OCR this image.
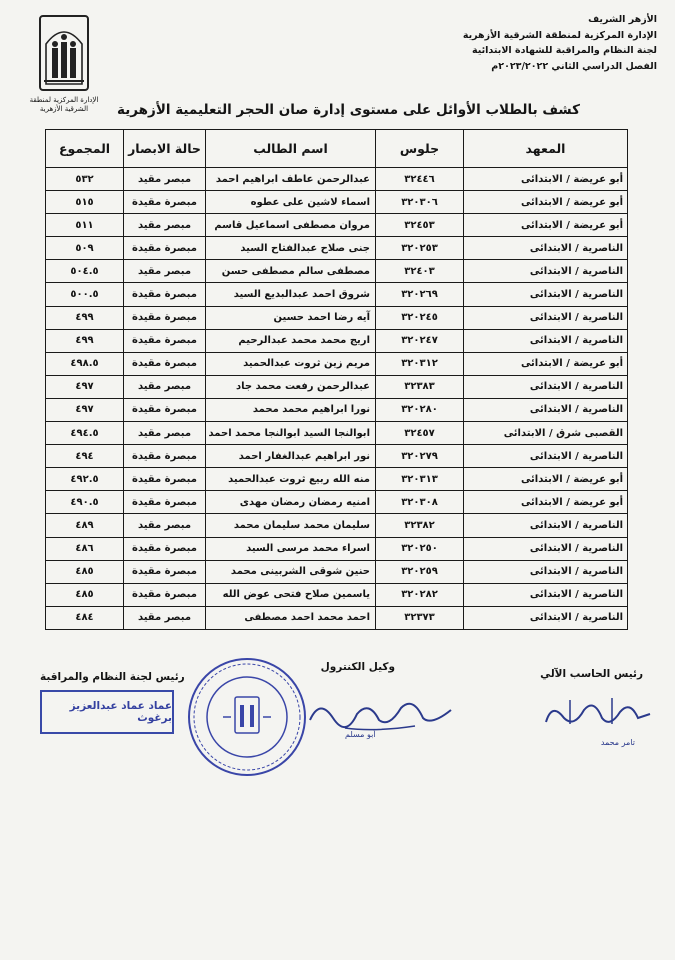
الأزهر الشريف
الإدارة المركزية لمنطقة الشرقية الأزهرية
لجنة النظام والمراقبة للشهادة الابتدائية
الفصل الدراسي الثاني ٢٠٢٣/٢٠٢٢م
الإدارة المركزية لمنطقة
الشرقية الأزهرية	كشف بالطلاب الأوائل على مستوى إدارة صان الحجر التعليمية الأزهرية
المعهد	جلوس	اسم الطالب	حالة الابصار	المجموع
أبو عريضة / الابتدائى	٣٢٤٤٦	عبدالرحمن عاطف ابراهيم احمد	مبصر مقيد	٥٣٢
أبو عريضة / الابتدائى	٣٢٠٣٠٦	اسماء لاشين على عطوه	مبصرة مقيدة	٥١٥
أبو عريضة / الابتدائى	٣٢٤٥٣	مروان مصطفى اسماعيل قاسم	مبصر مقيد	٥١١
الناصرية / الابتدائى	٣٢٠٢٥٣	جنى صلاح عبدالفتاح السيد	مبصرة مقيدة	٥٠٩
الناصرية / الابتدائى	٣٢٤٠٣	مصطفى سالم مصطفى حسن	مبصر مقيد	٥٠٤.٥
الناصرية / الابتدائى	٣٢٠٢٦٩	شروق احمد عبدالبديع السيد	مبصرة مقيدة	٥٠٠.٥
الناصرية / الابتدائى	٣٢٠٢٤٥	آيه رضا احمد حسين	مبصرة مقيدة	٤٩٩
الناصرية / الابتدائى	٣٢٠٢٤٧	اريج محمد محمد عبدالرحيم	مبصرة مقيدة	٤٩٩
أبو عريضة / الابتدائى	٣٢٠٣١٢	مريم زين ثروت عبدالحميد	مبصرة مقيدة	٤٩٨.٥
الناصرية / الابتدائى	٣٢٣٨٣	عبدالرحمن رفعت محمد جاد	مبصر مقيد	٤٩٧
الناصرية / الابتدائى	٣٢٠٢٨٠	نورا ابراهيم محمد محمد	مبصرة مقيدة	٤٩٧
القصبى شرق / الابتدائى	٣٢٤٥٧	ابوالنجا السيد ابوالنجا محمد احمد	مبصر مقيد	٤٩٤.٥
الناصرية / الابتدائى	٣٢٠٢٧٩	نور ابراهيم عبدالغفار احمد	مبصرة مقيدة	٤٩٤
أبو عريضة / الابتدائى	٣٢٠٣١٣	منه الله ربيع ثروت عبدالحميد	مبصرة مقيدة	٤٩٢.٥
أبو عريضة / الابتدائى	٣٢٠٣٠٨	امنيه رمضان رمضان مهدى	مبصرة مقيدة	٤٩٠.٥
الناصرية / الابتدائى	٣٢٣٨٢	سليمان محمد سليمان محمد	مبصر مقيد	٤٨٩
الناصرية / الابتدائى	٣٢٠٢٥٠	اسراء محمد مرسى السيد	مبصرة مقيدة	٤٨٦
الناصرية / الابتدائى	٣٢٠٢٥٩	حنين شوقى الشربينى محمد	مبصرة مقيدة	٤٨٥
الناصرية / الابتدائى	٣٢٠٢٨٢	ياسمين صلاح فتحى عوض الله	مبصرة مقيدة	٤٨٥
الناصرية / الابتدائى	٣٢٣٧٣	احمد محمد احمد مصطفى	مبصر مقيد	٤٨٤
رئيس الحاسب الآلي
وكيل الكنترول
رئيس لجنة النظام والمراقبة
عماد عماد عبدالعزيز برغوث
أبو مسلم
تامر محمد
